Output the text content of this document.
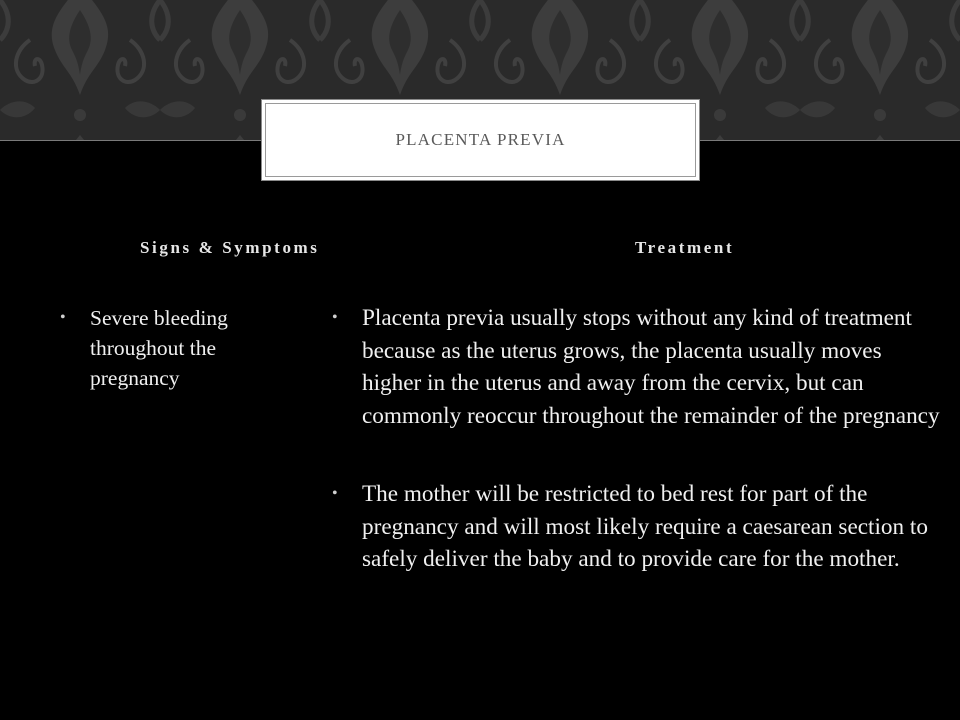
PLACENTA PREVIA
Signs & Symptoms	Treatment
• Severe bleeding throughout the pregnancy
• Placenta previa usually stops without any kind of treatment because as the uterus grows, the placenta usually moves higher in the uterus and away from the cervix, but can commonly reoccur throughout the remainder of the pregnancy
• The mother will be restricted to bed rest for part of the pregnancy and will most likely require a caesarean section to safely deliver the baby and to provide care for the mother.
